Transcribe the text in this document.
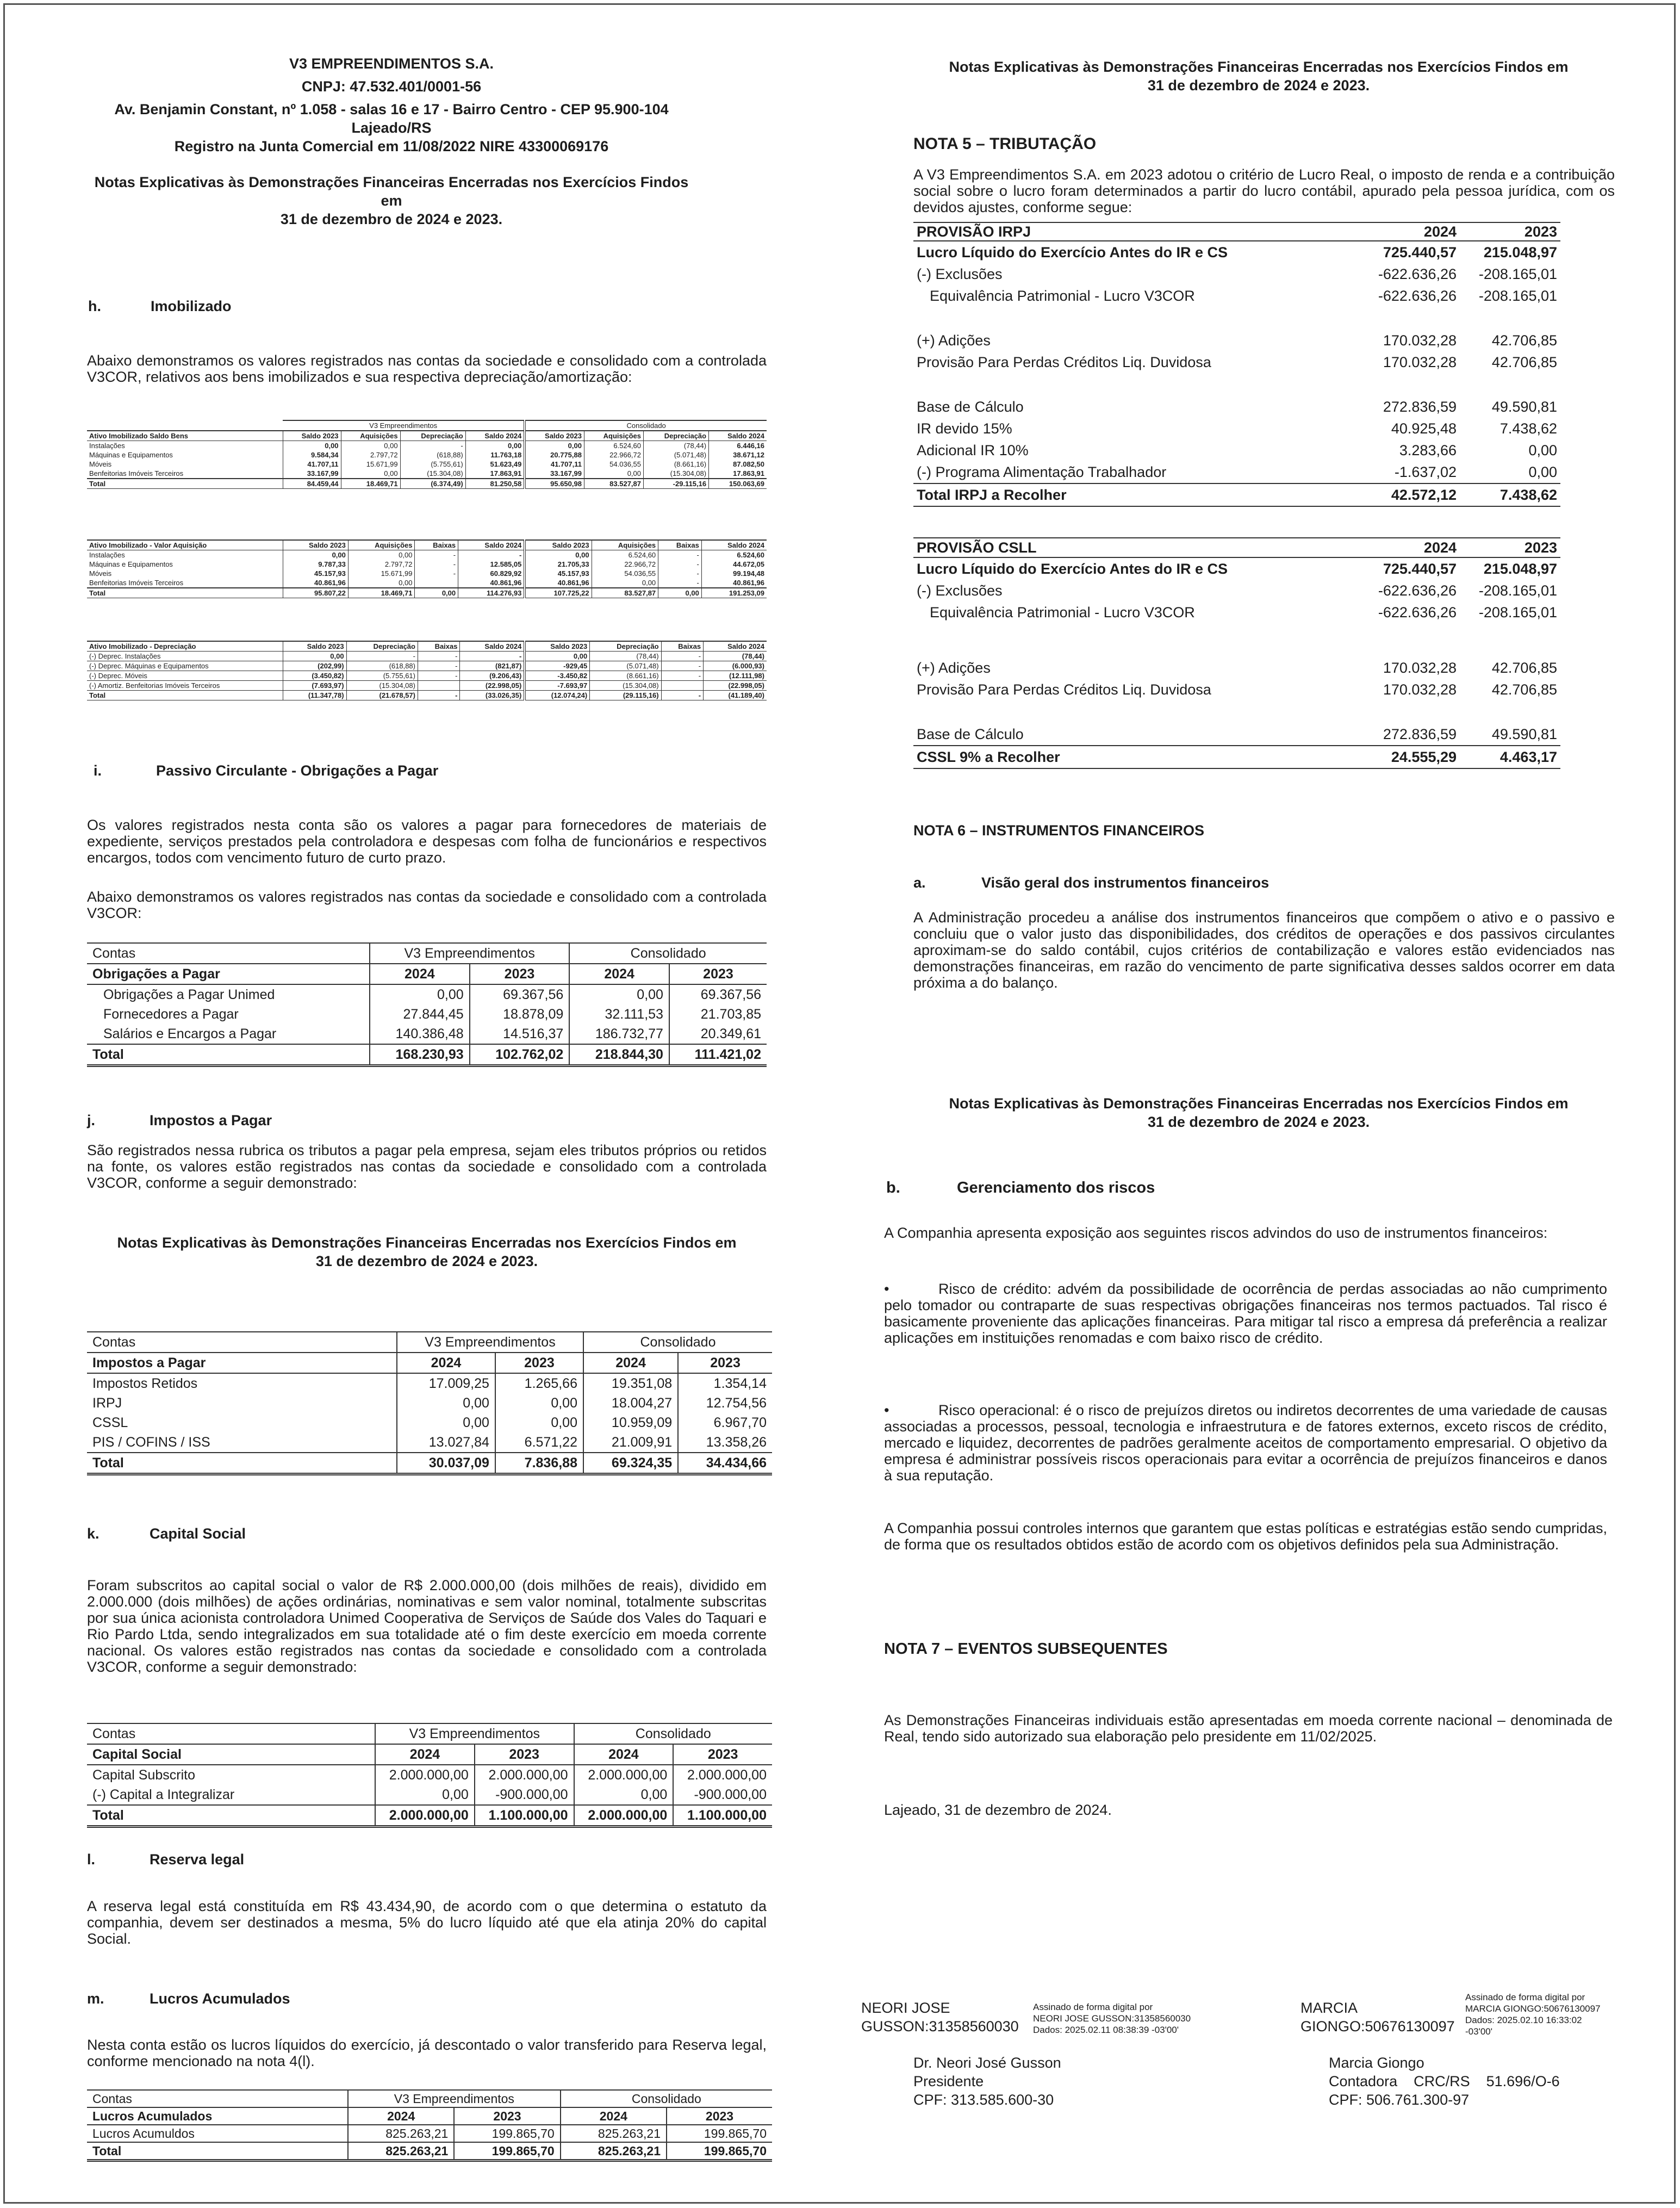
V3 EMPREENDIMENTOS S.A.
CNPJ: 47.532.401/0001-56
Av. Benjamin Constant, nº 1.058 - salas 16 e 17 - Bairro Centro - CEP 95.900-104
Lajeado/RS
Registro na Junta Comercial em 11/08/2022 NIRE 43300069176
Notas Explicativas às Demonstrações Financeiras Encerradas nos Exercícios Findos em
31 de dezembro de 2024 e 2023.
h.	Imobilizado
Abaixo demonstramos os valores registrados nas contas da sociedade e consolidado com a controlada V3COR, relativos aos bens imobilizados e sua respectiva depreciação/amortização:
	V3 Empreendimentos				Consolidado			
Ativo Imobilizado Saldo Bens	Saldo 2023	Aquisições	Depreciação	Saldo 2024	Saldo 2023	Aquisições	Depreciação	Saldo 2024
Instalações	0,00	0,00	-	0,00	0,00	6.524,60	(78,44)	6.446,16
Máquinas e Equipamentos	9.584,34	2.797,72	(618,88)	11.763,18	20.775,88	22.966,72	(5.071,48)	38.671,12
Móveis	41.707,11	15.671,99	(5.755,61)	51.623,49	41.707,11	54.036,55	(8.661,16)	87.082,50
Benfeitorias Imóveis Terceiros	33.167,99	0,00	(15.304,08)	17.863,91	33.167,99	0,00	(15.304,08)	17.863,91
Total	84.459,44	18.469,71	(6.374,49)	81.250,58	95.650,98	83.527,87	-29.115,16	150.063,69
Ativo Imobilizado - Valor Aquisição	Saldo 2023	Aquisições	Baixas	Saldo 2024	Saldo 2023	Aquisições	Baixas	Saldo 2024
Instalações	0,00	0,00	-	-	0,00	6.524,60	-	6.524,60
Máquinas e Equipamentos	9.787,33	2.797,72	-	12.585,05	21.705,33	22.966,72	-	44.672,05
Móveis	45.157,93	15.671,99	-	60.829,92	45.157,93	54.036,55	-	99.194,48
Benfeitorias Imóveis Terceiros	40.861,96	0,00		40.861,96	40.861,96	0,00	-	40.861,96
Total	95.807,22	18.469,71	0,00	114.276,93	107.725,22	83.527,87	0,00	191.253,09
Ativo Imobilizado - Depreciação	Saldo 2023	Depreciação	Baixas	Saldo 2024	Saldo 2023	Depreciação	Baixas	Saldo 2024
(-) Deprec. Instalações	0,00	-	-	-	0,00	(78,44)	-	(78,44)
(-) Deprec. Máquinas e Equipamentos	(202,99)	(618,88)	-	(821,87)	-929,45	(5.071,48)	-	(6.000,93)
(-) Deprec. Móveis	(3.450,82)	(5.755,61)	-	(9.206,43)	-3.450,82	(8.661,16)	-	(12.111,98)
(-) Amortiz. Benfeitorias Imóveis Terceiros	(7.693,97)	(15.304,08)		(22.998,05)	-7.693,97	(15.304,08)		(22.998,05)
Total	(11.347,78)	(21.678,57)	-	(33.026,35)	(12.074,24)	(29.115,16)	-	(41.189,40)
i.	Passivo Circulante - Obrigações a Pagar
Os valores registrados nesta conta são os valores a pagar para fornecedores de materiais de expediente, serviços prestados pela controladora e despesas com folha de funcionários e respectivos encargos, todos com vencimento futuro de curto prazo.
Abaixo demonstramos os valores registrados nas contas da sociedade e consolidado com a controlada V3COR:
Contas	V3 Empreendimentos		Consolidado	
Obrigações a Pagar	2024	2023	2024	2023
Obrigações a Pagar Unimed	0,00	69.367,56	0,00	69.367,56
Fornecedores a Pagar	27.844,45	18.878,09	32.111,53	21.703,85
Salários e Encargos a Pagar	140.386,48	14.516,37	186.732,77	20.349,61
Total	168.230,93	102.762,02	218.844,30	111.421,02
j.	Impostos a Pagar
São registrados nessa rubrica os tributos a pagar pela empresa, sejam eles tributos próprios ou retidos na fonte, os valores estão registrados nas contas da sociedade e consolidado com a controlada V3COR, conforme a seguir demonstrado:
Notas Explicativas às Demonstrações Financeiras Encerradas nos Exercícios Findos em
31 de dezembro de 2024 e 2023.
Contas	V3 Empreendimentos		Consolidado	
Impostos a Pagar	2024	2023	2024	2023
Impostos Retidos	17.009,25	1.265,66	19.351,08	1.354,14
IRPJ	0,00	0,00	18.004,27	12.754,56
CSSL	0,00	0,00	10.959,09	6.967,70
PIS / COFINS / ISS	13.027,84	6.571,22	21.009,91	13.358,26
Total	30.037,09	7.836,88	69.324,35	34.434,66
k.	Capital Social
Foram subscritos ao capital social o valor de R$ 2.000.000,00 (dois milhões de reais), dividido em 2.000.000 (dois milhões) de ações ordinárias, nominativas e sem valor nominal, totalmente subscritas por sua única acionista controladora Unimed Cooperativa de Serviços de Saúde dos Vales do Taquari e Rio Pardo Ltda, sendo integralizados em sua totalidade até o fim deste exercício em moeda corrente nacional. Os valores estão registrados nas contas da sociedade e consolidado com a controlada V3COR, conforme a seguir demonstrado:
Contas	V3 Empreendimentos		Consolidado	
Capital Social	2024	2023	2024	2023
Capital Subscrito	2.000.000,00	2.000.000,00	2.000.000,00	2.000.000,00
(-) Capital a Integralizar	0,00	-900.000,00	0,00	-900.000,00
Total	2.000.000,00	1.100.000,00	2.000.000,00	1.100.000,00
l.	Reserva legal
A reserva legal está constituída em R$ 43.434,90, de acordo com o que determina o estatuto da companhia, devem ser destinados a mesma, 5% do lucro líquido até que ela atinja 20% do capital Social.
m.	Lucros Acumulados
Nesta conta estão os lucros líquidos do exercício, já descontado o valor transferido para Reserva legal, conforme mencionado na nota 4(l).
Contas	V3 Empreendimentos		Consolidado	
Lucros Acumulados	2024	2023	2024	2023
Lucros Acumuldos	825.263,21	199.865,70	825.263,21	199.865,70
Total	825.263,21	199.865,70	825.263,21	199.865,70
Notas Explicativas às Demonstrações Financeiras Encerradas nos Exercícios Findos em
31 de dezembro de 2024 e 2023.
NOTA 5 – TRIBUTAÇÃO
A V3 Empreendimentos S.A. em 2023 adotou o critério de Lucro Real, o imposto de renda e a contribuição social sobre o lucro foram determinados a partir do lucro contábil, apurado pela pessoa jurídica, com os devidos ajustes, conforme segue:
PROVISÃO IRPJ	2024	2023
Lucro Líquido do Exercício Antes do IR e CS	725.440,57	215.048,97
(-) Exclusões	-622.636,26	-208.165,01
Equivalência Patrimonial - Lucro V3COR	-622.636,26	-208.165,01

(+) Adições	170.032,28	42.706,85
Provisão Para Perdas Créditos Liq. Duvidosa	170.032,28	42.706,85

Base de Cálculo	272.836,59	49.590,81
IR devido 15%	40.925,48	7.438,62
Adicional IR 10%	3.283,66	0,00
(-) Programa Alimentação Trabalhador	-1.637,02	0,00
Total IRPJ a Recolher	42.572,12	7.438,62
PROVISÃO CSLL	2024	2023
Lucro Líquido do Exercício Antes do IR e CS	725.440,57	215.048,97
(-) Exclusões	-622.636,26	-208.165,01
Equivalência Patrimonial - Lucro V3COR	-622.636,26	-208.165,01

(+) Adições	170.032,28	42.706,85
Provisão Para Perdas Créditos Liq. Duvidosa	170.032,28	42.706,85

Base de Cálculo	272.836,59	49.590,81
CSSL 9% a Recolher	24.555,29	4.463,17
NOTA 6 – INSTRUMENTOS FINANCEIROS
a.	Visão geral dos instrumentos financeiros
A Administração procedeu a análise dos instrumentos financeiros que compõem o ativo e o passivo e concluiu que o valor justo das disponibilidades, dos créditos de operações e dos passivos circulantes aproximam-se do saldo contábil, cujos critérios de contabilização e valores estão evidenciados nas demonstrações financeiras, em razão do vencimento de parte significativa desses saldos ocorrer em data próxima a do balanço.
Notas Explicativas às Demonstrações Financeiras Encerradas nos Exercícios Findos em
31 de dezembro de 2024 e 2023.
b.	Gerenciamento dos riscos
A Companhia apresenta exposição aos seguintes riscos advindos do uso de instrumentos financeiros:
•	Risco de crédito: advém da possibilidade de ocorrência de perdas associadas ao não cumprimento pelo tomador ou contraparte de suas respectivas obrigações financeiras nos termos pactuados. Tal risco é basicamente proveniente das aplicações financeiras. Para mitigar tal risco a empresa dá preferência a realizar aplicações em instituições renomadas e com baixo risco de crédito.
•	Risco operacional: é o risco de prejuízos diretos ou indiretos decorrentes de uma variedade de causas associadas a processos, pessoal, tecnologia e infraestrutura e de fatores externos, exceto riscos de crédito, mercado e liquidez, decorrentes de padrões geralmente aceitos de comportamento empresarial. O objetivo da empresa é administrar possíveis riscos operacionais para evitar a ocorrência de prejuízos financeiros e danos à sua reputação.
A Companhia possui controles internos que garantem que estas políticas e estratégias estão sendo cumpridas, de forma que os resultados obtidos estão de acordo com os objetivos definidos pela sua Administração.
NOTA 7 – EVENTOS SUBSEQUENTES
As Demonstrações Financeiras individuais estão apresentadas em moeda corrente nacional – denominada de Real, tendo sido autorizado sua elaboração pelo presidente em 11/02/2025.
Lajeado, 31 de dezembro de 2024.
NEORI JOSE
GUSSON:31358560030
Assinado de forma digital por
NEORI JOSE GUSSON:31358560030
Dados: 2025.02.11 08:38:39 -03'00'
Dr. Neori José Gusson
Presidente
CPF: 313.585.600-30
MARCIA
GIONGO:50676130097
Assinado de forma digital por
MARCIA GIONGO:50676130097
Dados: 2025.02.10 16:33:02
-03'00'
Marcia Giongo
Contadora    CRC/RS    51.696/O-6
CPF: 506.761.300-97
